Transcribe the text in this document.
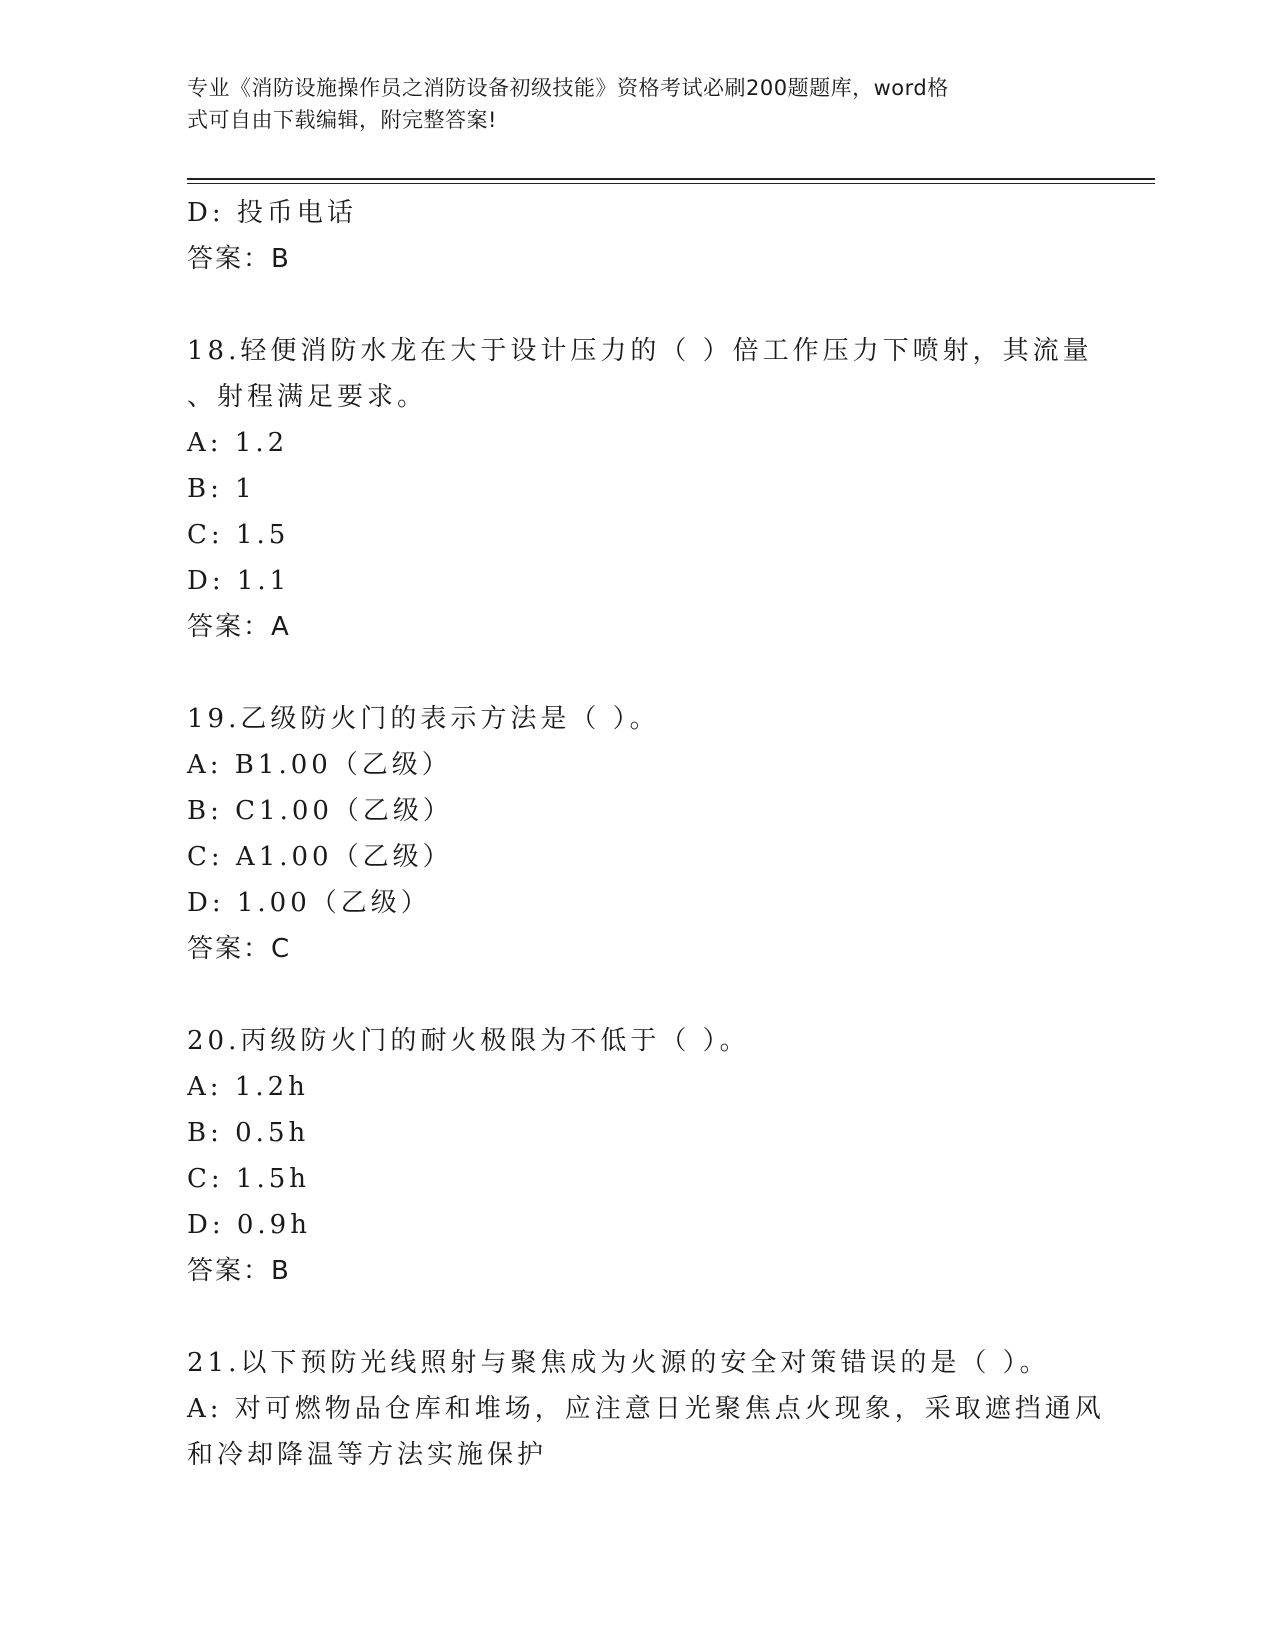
专业《消防设施操作员之消防设备初级技能》资格考试必刷200题题库，word格
式可自由下载编辑，附完整答案!
D: 投币电话
答案：B
18.轻便消防水龙在大于设计压力的（ ）倍工作压力下喷射，其流量
、射程满足要求。
A: 1.2
B: 1
C: 1.5
D: 1.1
答案：A
19.乙级防火门的表示方法是（ ）。
A: B1.00（乙级）
B: C1.00（乙级）
C: A1.00（乙级）
D: 1.00（乙级）
答案：C
20.丙级防火门的耐火极限为不低于（ ）。
A: 1.2h
B: 0.5h
C: 1.5h
D: 0.9h
答案：B
21.以下预防光线照射与聚焦成为火源的安全对策错误的是（ ）。
A: 对可燃物品仓库和堆场，应注意日光聚焦点火现象，采取遮挡通风
和冷却降温等方法实施保护
